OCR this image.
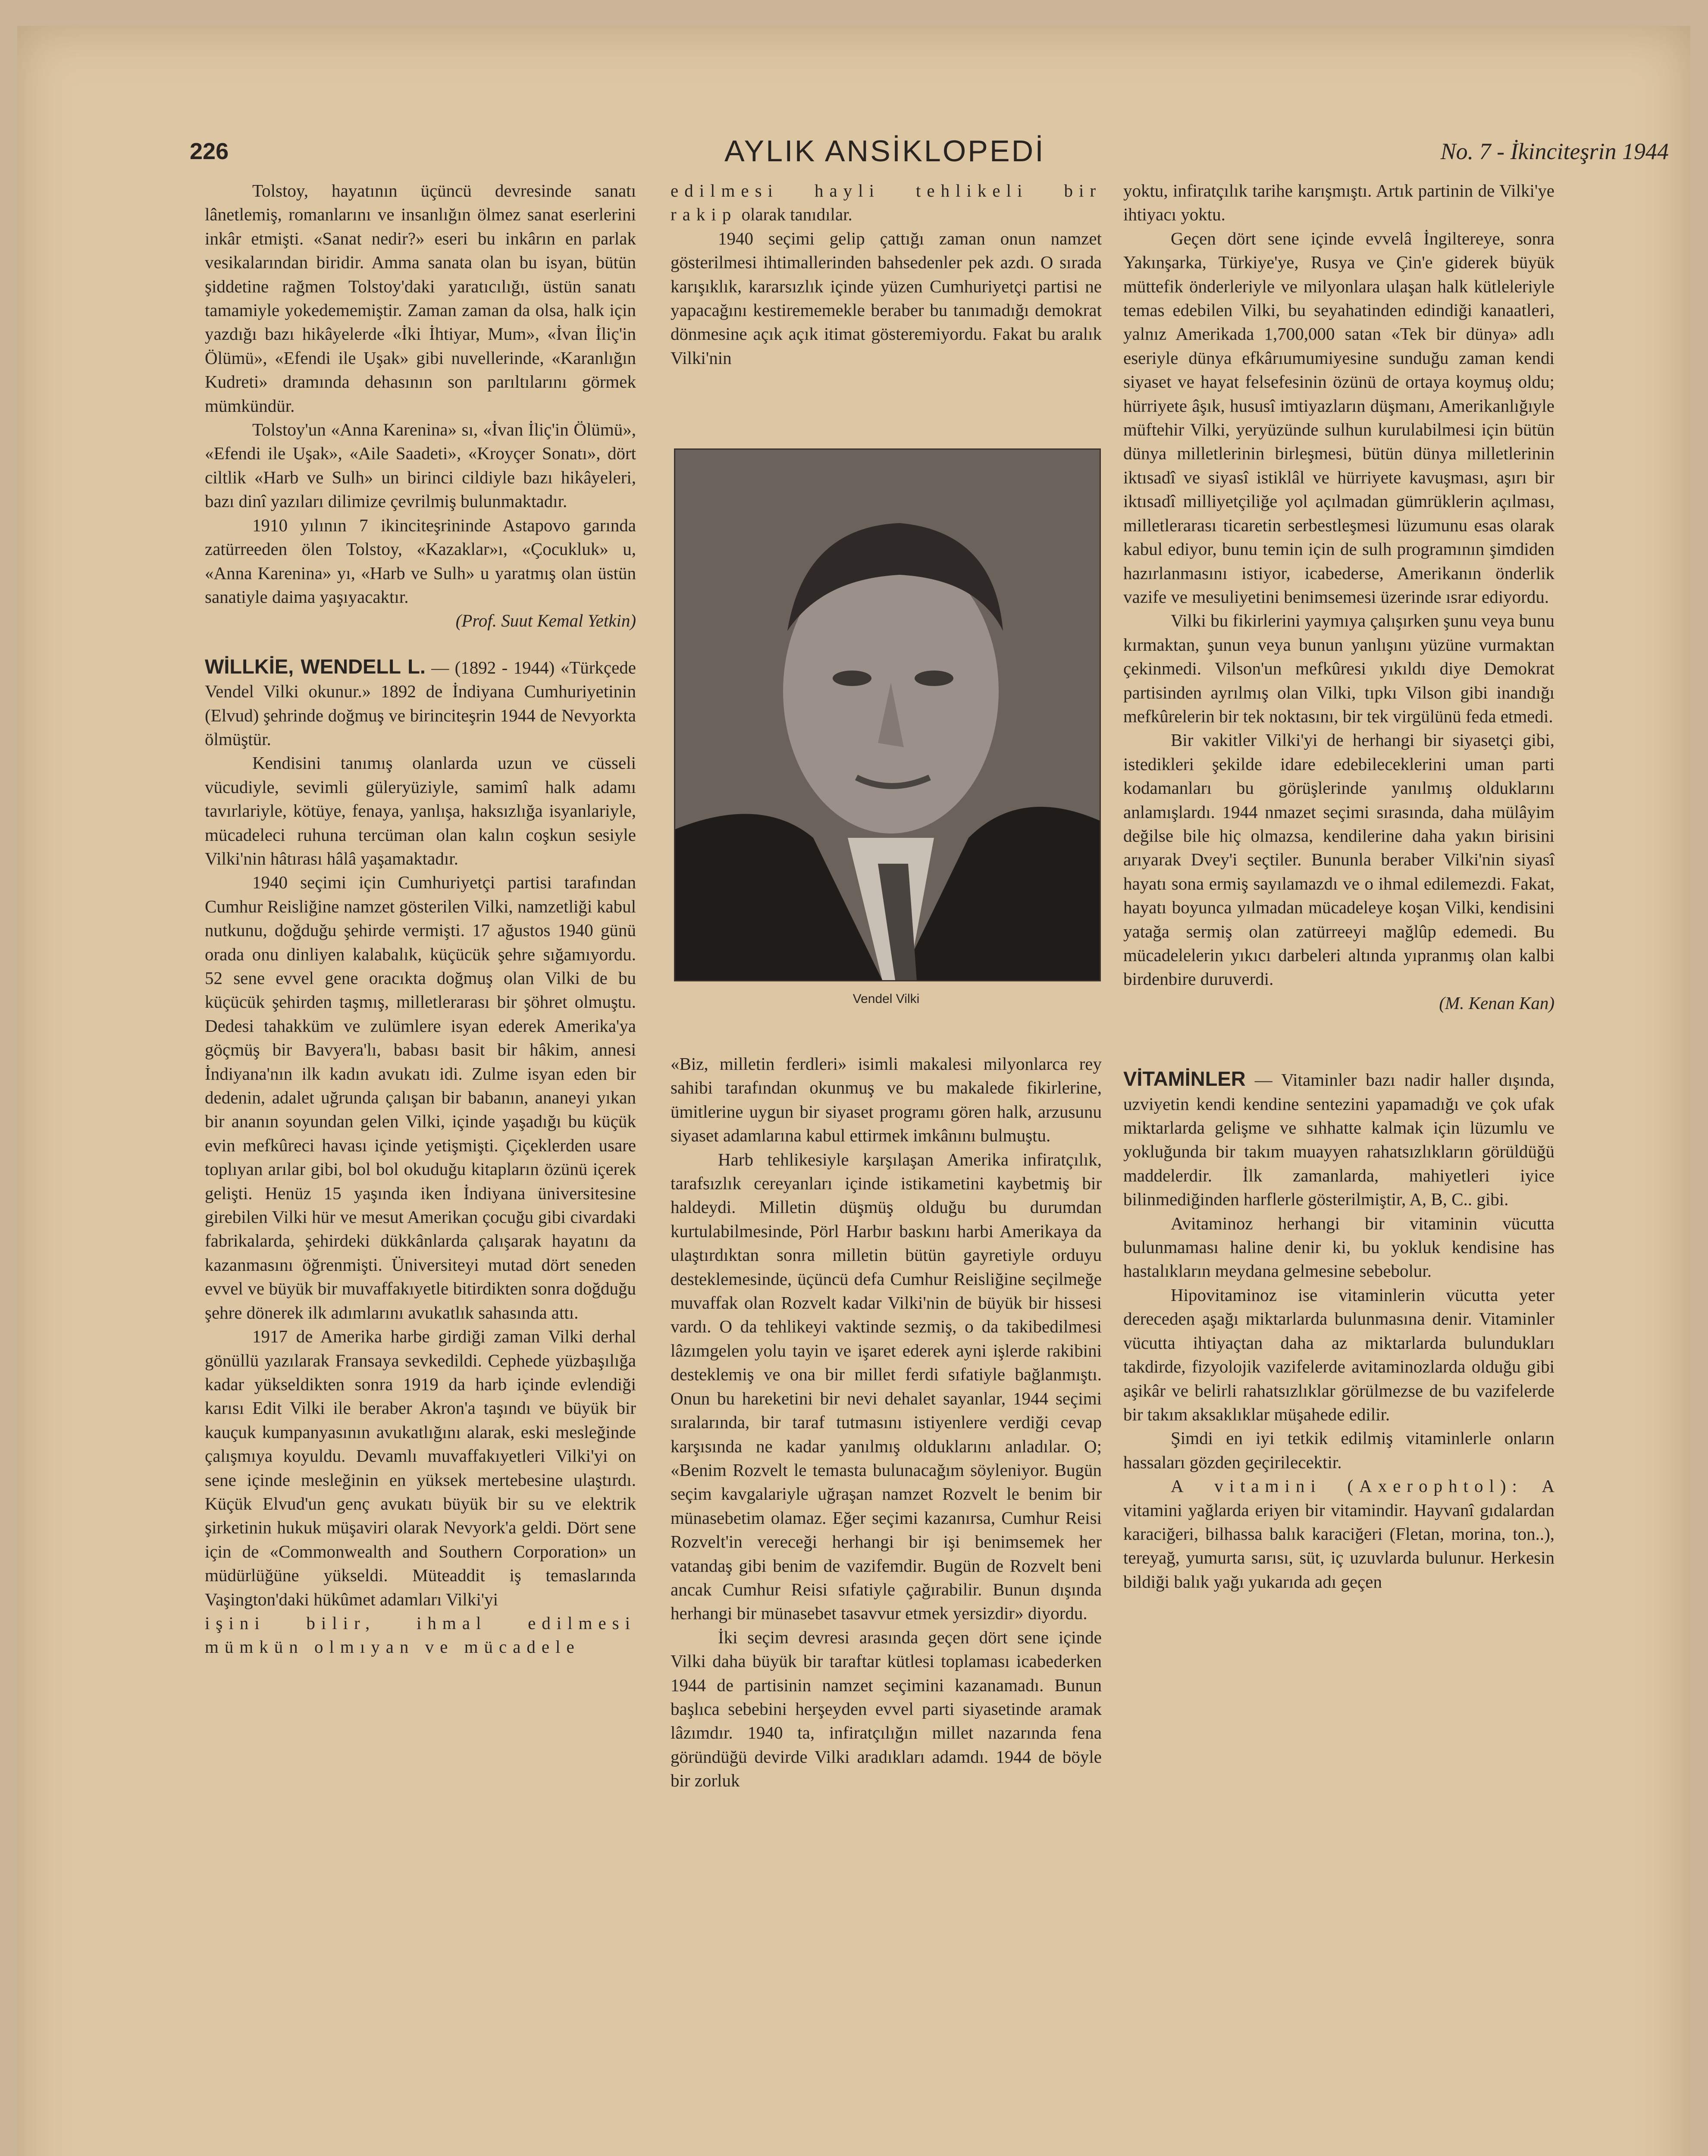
226	AYLIK ANSİKLOPEDİ	No. 7 - İkinciteşrin 1944

Tolstoy, hayatının üçüncü devresinde sanatı lânetlemiş, romanlarını ve insanlığın ölmez sanat eserlerini inkâr etmişti. «Sanat nedir?» eseri bu inkârın en parlak vesikalarından biridir. Amma sanata olan bu isyan, bütün şiddetine rağmen Tolstoy'daki yaratıcılığı, üstün sanatı tamamiyle yokedememiştir. Zaman zaman da olsa, halk için yazdığı bazı hikâyelerde «İki İhtiyar, Mum», «İvan İliç'in Ölümü», «Efendi ile Uşak» gibi nuvellerinde, «Karanlığın Kudreti» dramında dehasının son parıltılarını görmek mümkündür.

Tolstoy'un «Anna Karenina» sı, «İvan İliç'in Ölümü», «Efendi ile Uşak», «Aile Saadeti», «Kroyçer Sonatı», dört ciltlik «Harb ve Sulh» un birinci cildiyle bazı hikâyeleri, bazı dinî yazıları dilimize çevrilmiş bulunmaktadır.

1910 yılının 7 ikinciteşrininde Astapovo garında zatürreeden ölen Tolstoy, «Kazaklar»ı, «Çocukluk» u, «Anna Karenina» yı, «Harb ve Sulh» u yaratmış olan üstün sanatiyle daima yaşıyacaktır.

(Prof. Suut Kemal Yetkin)

WİLLKİE, WENDELL L. — (1892 - 1944) «Türkçede Vendel Vilki okunur.» 1892 de İndiyana Cumhuriyetinin (Elvud) şehrinde doğmuş ve birinciteşrin 1944 de Nevyorkta ölmüştür.

Kendisini tanımış olanlarda uzun ve cüsseli vücudiyle, sevimli güleryüziyle, samimî halk adamı tavırlariyle, kötüye, fenaya, yanlışa, haksızlığa isyanlariyle, mücadeleci ruhuna tercüman olan kalın coşkun sesiyle Vilki'nin hâtırası hâlâ yaşamaktadır.

1940 seçimi için Cumhuriyetçi partisi tarafından Cumhur Reisliğine namzet gösterilen Vilki, namzetliği kabul nutkunu, doğduğu şehirde vermişti. 17 ağustos 1940 günü orada onu dinliyen kalabalık, küçücük şehre sığamıyordu. 52 sene evvel gene oracıkta doğmuş olan Vilki de bu küçücük şehirden taşmış, milletlerarası bir şöhret olmuştu. Dedesi tahakküm ve zulümlere isyan ederek Amerika'ya göçmüş bir Bavyera'lı, babası basit bir hâkim, annesi İndiyana'nın ilk kadın avukatı idi. Zulme isyan eden bir dedenin, adalet uğrunda çalışan bir babanın, ananeyi yıkan bir ananın soyundan gelen Vilki, içinde yaşadığı bu küçük evin mefkûreci havası içinde yetişmişti. Çiçeklerden usare toplıyan arılar gibi, bol bol okuduğu kitapların özünü içerek gelişti. Henüz 15 yaşında iken İndiyana üniversitesine girebilen Vilki hür ve mesut Amerikan çocuğu gibi civardaki fabrikalarda, şehirdeki dükkânlarda çalışarak hayatını da kazanmasını öğrenmişti. Üniversiteyi mutad dört seneden evvel ve büyük bir muvaffakıyetle bitirdikten sonra doğduğu şehre dönerek ilk adımlarını avukatlık sahasında attı.

1917 de Amerika harbe girdiği zaman Vilki derhal gönüllü yazılarak Fransaya sevkedildi. Cephede yüzbaşılığa kadar yükseldikten sonra 1919 da harb içinde evlendiği karısı Edit Vilki ile beraber Akron'a taşındı ve büyük bir kauçuk kumpanyasının avukatlığını alarak, eski mesleğinde çalışmıya koyuldu. Devamlı muvaffakıyetleri Vilki'yi on sene içinde mesleğinin en yüksek mertebesine ulaştırdı. Küçük Elvud'un genç avukatı büyük bir su ve elektrik şirketinin hukuk müşaviri olarak Nevyork'a geldi. Dört sene için de «Commonwealth and Southern Corporation» un müdürlüğüne yükseldi. Müteaddit iş temaslarında Vaşington'daki hükûmet adamları Vilki'yi

işini bilir, ihmal edilmesi mümkün olmıyan ve mücadele

edilmesi hayli tehlikeli bir rakip olarak tanıdılar.

1940 seçimi gelip çattığı zaman onun namzet gösterilmesi ihtimallerinden bahsedenler pek azdı. O sırada karışıklık, kararsızlık içinde yüzen Cumhuriyetçi partisi ne yapacağını kestirememekle beraber bu tanımadığı demokrat dönmesine açık açık itimat gösteremiyordu. Fakat bu aralık Vilki'nin

Vendel Vilki

«Biz, milletin ferdleri» isimli makalesi milyonlarca rey sahibi tarafından okunmuş ve bu makalede fikirlerine, ümitlerine uygun bir siyaset programı gören halk, arzusunu siyaset adamlarına kabul ettirmek imkânını bulmuştu.

Harb tehlikesiyle karşılaşan Amerika infiratçılık, tarafsızlık cereyanları içinde istikametini kaybetmiş bir haldeydi. Milletin düşmüş olduğu bu durumdan kurtulabilmesinde, Pörl Harbır baskını harbi Amerikaya da ulaştırdıktan sonra milletin bütün gayretiyle orduyu desteklemesinde, üçüncü defa Cumhur Reisliğine seçilmeğe muvaffak olan Rozvelt kadar Vilki'nin de büyük bir hissesi vardı. O da tehlikeyi vaktinde sezmiş, o da takibedilmesi lâzımgelen yolu tayin ve işaret ederek ayni işlerde rakibini desteklemiş ve ona bir millet ferdi sıfatiyle bağlanmıştı. Onun bu hareketini bir nevi dehalet sayanlar, 1944 seçimi sıralarında, bir taraf tutmasını istiyenlere verdiği cevap karşısında ne kadar yanılmış olduklarını anladılar. O; «Benim Rozvelt le temasta bulunacağım söyleniyor. Bugün seçim kavgalariyle uğraşan namzet Rozvelt le benim bir münasebetim olamaz. Eğer seçimi kazanırsa, Cumhur Reisi Rozvelt'in vereceği herhangi bir işi benimsemek her vatandaş gibi benim de vazifemdir. Bugün de Rozvelt beni ancak Cumhur Reisi sıfatiyle çağırabilir. Bunun dışında herhangi bir münasebet tasavvur etmek yersizdir» diyordu.

İki seçim devresi arasında geçen dört sene içinde Vilki daha büyük bir taraftar kütlesi toplaması icabederken 1944 de partisinin namzet seçimini kazanamadı. Bunun başlıca sebebini herşeyden evvel parti siyasetinde aramak lâzımdır. 1940 ta, infiratçılığın millet nazarında fena göründüğü devirde Vilki aradıkları adamdı. 1944 de böyle bir zorluk

yoktu, infiratçılık tarihe karışmıştı. Artık partinin de Vilki'ye ihtiyacı yoktu.

Geçen dört sene içinde evvelâ İngiltereye, sonra Yakınşarka, Türkiye'ye, Rusya ve Çin'e giderek büyük müttefik önderleriyle ve milyonlara ulaşan halk kütleleriyle temas edebilen Vilki, bu seyahatinden edindiği kanaatleri, yalnız Amerikada 1,700,000 satan «Tek bir dünya» adlı eseriyle dünya efkârıumumiyesine sunduğu zaman kendi siyaset ve hayat felsefesinin özünü de ortaya koymuş oldu; hürriyete âşık, hususî imtiyazların düşmanı, Amerikanlığıyle müftehir Vilki, yeryüzünde sulhun kurulabilmesi için bütün dünya milletlerinin birleşmesi, bütün dünya milletlerinin iktısadî ve siyasî istiklâl ve hürriyete kavuşması, aşırı bir iktısadî milliyetçiliğe yol açılmadan gümrüklerin açılması, milletlerarası ticaretin serbestleşmesi lüzumunu esas olarak kabul ediyor, bunu temin için de sulh programının şimdiden hazırlanmasını istiyor, icabederse, Amerikanın önderlik vazife ve mesuliyetini benimsemesi üzerinde ısrar ediyordu.

Vilki bu fikirlerini yaymıya çalışırken şunu veya bunu kırmaktan, şunun veya bunun yanlışını yüzüne vurmaktan çekinmedi. Vilson'un mefkûresi yıkıldı diye Demokrat partisinden ayrılmış olan Vilki, tıpkı Vilson gibi inandığı mefkûrelerin bir tek noktasını, bir tek virgülünü feda etmedi.

Bir vakitler Vilki'yi de herhangi bir siyasetçi gibi, istedikleri şekilde idare edebileceklerini uman parti kodamanları bu görüşlerinde yanılmış olduklarını anlamışlardı. 1944 nmazet seçimi sırasında, daha mülâyim değilse bile hiç olmazsa, kendilerine daha yakın birisini arıyarak Dvey'i seçtiler. Bununla beraber Vilki'nin siyasî hayatı sona ermiş sayılamazdı ve o ihmal edilemezdi. Fakat, hayatı boyunca yılmadan mücadeleye koşan Vilki, kendisini yatağa sermiş olan zatürreeyi mağlûp edemedi. Bu mücadelelerin yıkıcı darbeleri altında yıpranmış olan kalbi birdenbire duruverdi.

(M. Kenan Kan)

VİTAMİNLER — Vitaminler bazı nadir haller dışında, uzviyetin kendi kendine sentezini yapamadığı ve çok ufak miktarlarda gelişme ve sıhhatte kalmak için lüzumlu ve yokluğunda bir takım muayyen rahatsızlıkların görüldüğü maddelerdir. İlk zamanlarda, mahiyetleri iyice bilinmediğinden harflerle gösterilmiştir, A, B, C.. gibi.

Avitaminoz herhangi bir vitaminin vücutta bulunmaması haline denir ki, bu yokluk kendisine has hastalıkların meydana gelmesine sebebolur.

Hipovitaminoz ise vitaminlerin vücutta yeter dereceden aşağı miktarlarda bulunmasına denir. Vitaminler vücutta ihtiyaçtan daha az miktarlarda bulundukları takdirde, fizyolojik vazifelerde avitaminozlarda olduğu gibi aşikâr ve belirli rahatsızlıklar görülmezse de bu vazifelerde bir takım aksaklıklar müşahede edilir.

Şimdi en iyi tetkik edilmiş vitaminlerle onların hassaları gözden geçirilecektir.

A vitamini (Axerophtol): A vitamini yağlarda eriyen bir vitamindir. Hayvanî gıdalardan karaciğeri, bilhassa balık karaciğeri (Fletan, morina, ton..), tereyağ, yumurta sarısı, süt, iç uzuvlarda bulunur. Herkesin bildiği balık yağı yukarıda adı geçen
